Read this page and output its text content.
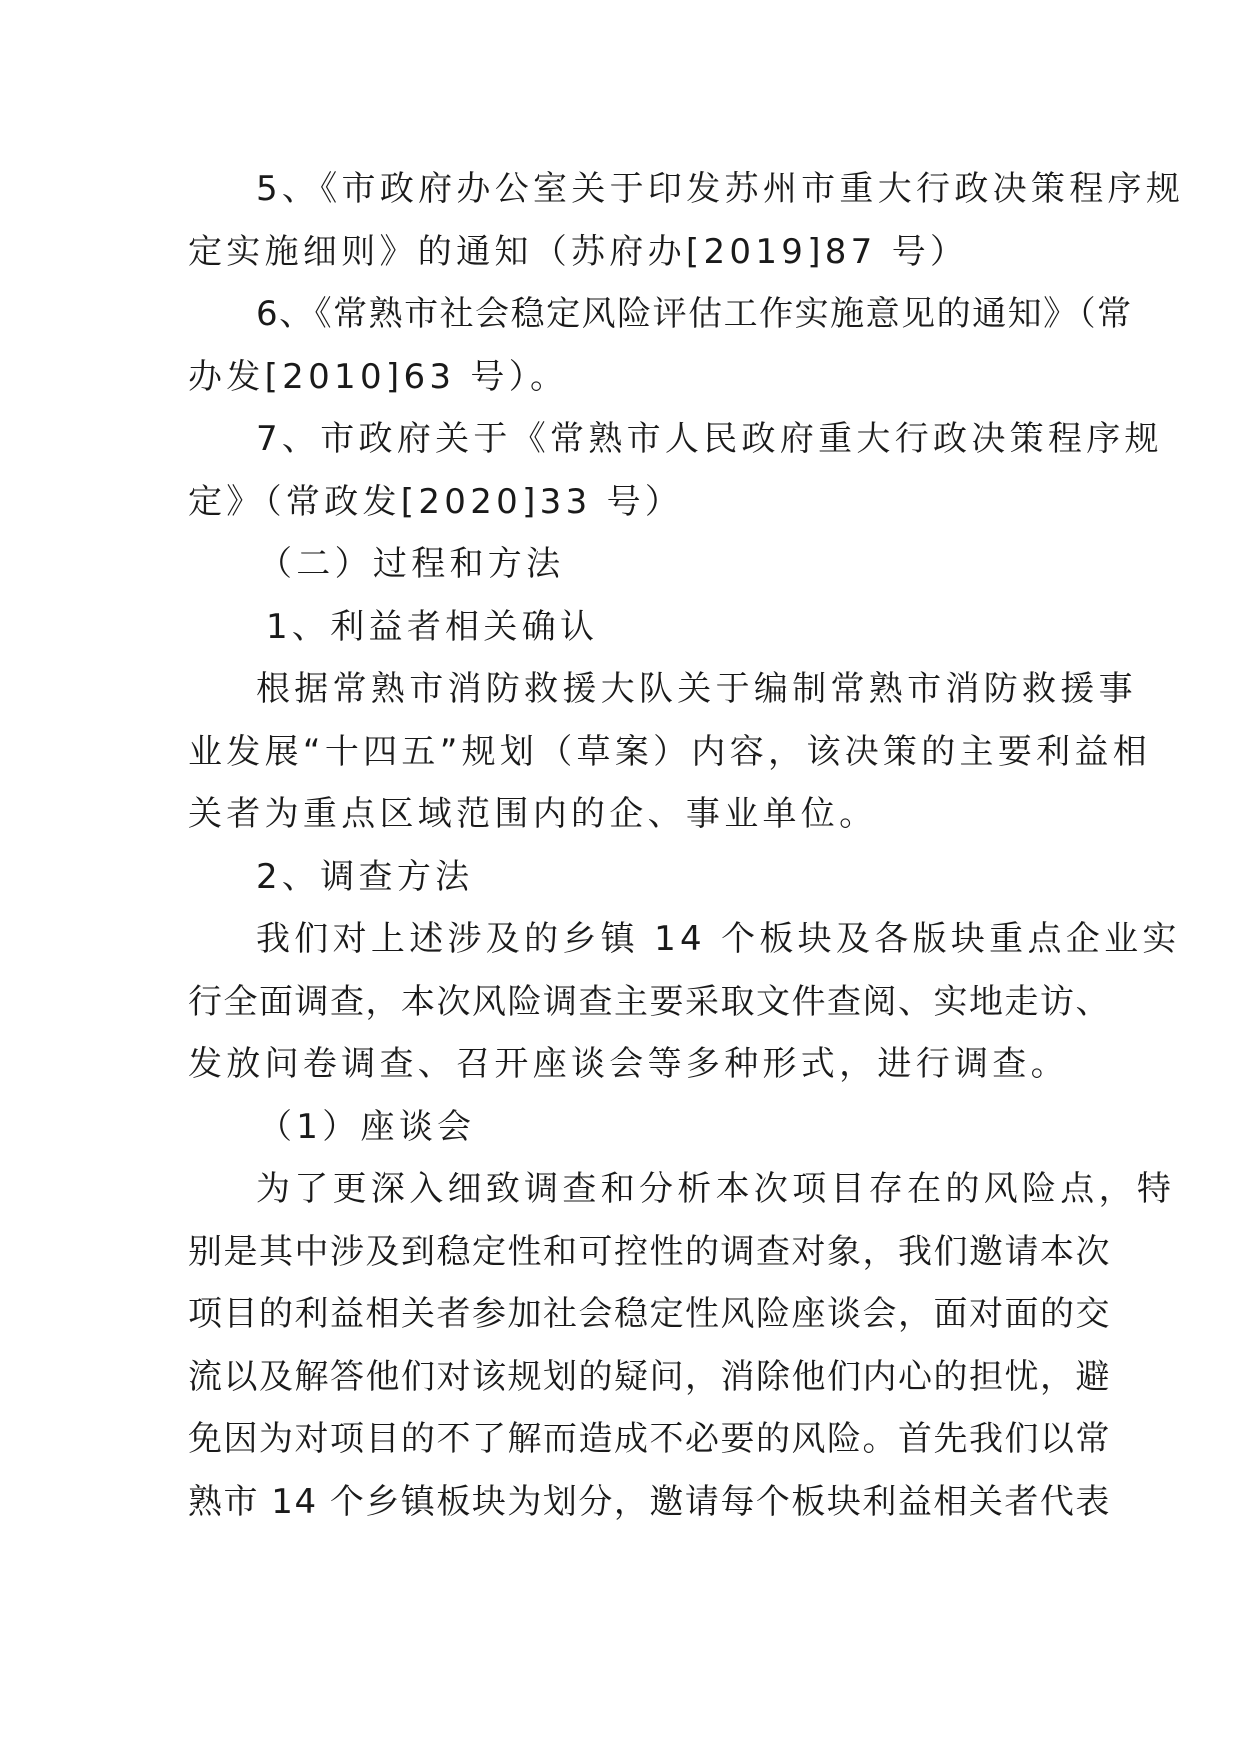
5、《市政府办公室关于印发苏州市重大行政决策程序规
定实施细则》的通知（苏府办[2019]87 号）
6、《常熟市社会稳定风险评估工作实施意见的通知》（常
办发[2010]63 号）。
7、市政府关于《常熟市人民政府重大行政决策程序规
定》（常政发[2020]33 号）
（二）过程和方法
1、利益者相关确认
根据常熟市消防救援大队关于编制常熟市消防救援事
业发展“十四五”规划（草案）内容，该决策的主要利益相
关者为重点区域范围内的企、事业单位。
2、调查方法
我们对上述涉及的乡镇 14 个板块及各版块重点企业实
行全面调查，本次风险调查主要采取文件查阅、实地走访、
发放问卷调查、召开座谈会等多种形式，进行调查。
（1）座谈会
为了更深入细致调查和分析本次项目存在的风险点，特
别是其中涉及到稳定性和可控性的调查对象，我们邀请本次
项目的利益相关者参加社会稳定性风险座谈会，面对面的交
流以及解答他们对该规划的疑问，消除他们内心的担忧，避
免因为对项目的不了解而造成不必要的风险。首先我们以常
熟市 14 个乡镇板块为划分，邀请每个板块利益相关者代表
